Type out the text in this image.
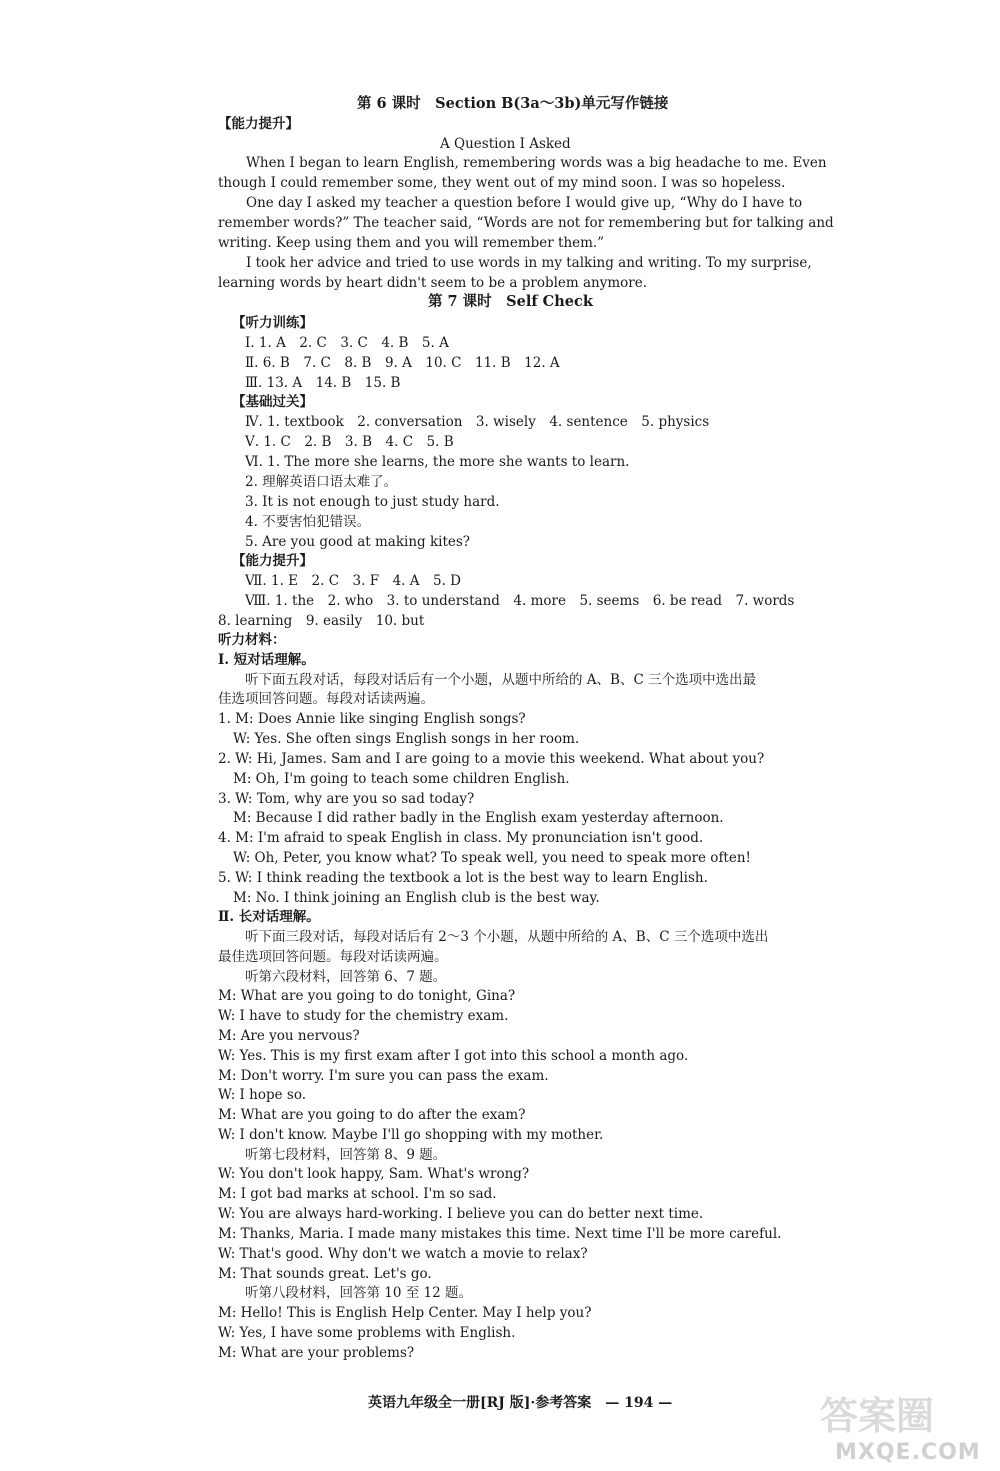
第 6 课时　Section B(3a～3b)单元写作链接
【能力提升】
A Question I Asked
When I began to learn English, remembering words was a big headache to me. Even
though I could remember some, they went out of my mind soon. I was so hopeless.
One day I asked my teacher a question before I would give up, “Why do I have to
remember words?” The teacher said, “Words are not for remembering but for talking and
writing. Keep using them and you will remember them.”
I took her advice and tried to use words in my talking and writing. To my surprise,
learning words by heart didn't seem to be a problem anymore.
第 7 课时　Self Check
【听力训练】
Ⅰ. 1. A　2. C　3. C　4. B　5. A
Ⅱ. 6. B　7. C　8. B　9. A　10. C　11. B　12. A
Ⅲ. 13. A　14. B　15. B
【基础过关】
Ⅳ. 1. textbook　2. conversation　3. wisely　4. sentence　5. physics
Ⅴ. 1. C　2. B　3. B　4. C　5. B
Ⅵ. 1. The more she learns, the more she wants to learn.
2. 理解英语口语太难了。
3. It is not enough to just study hard.
4. 不要害怕犯错误。
5. Are you good at making kites?
【能力提升】
Ⅶ. 1. E　2. C　3. F　4. A　5. D
Ⅷ. 1. the　2. who　3. to understand　4. more　5. seems　6. be read　7. words
8. learning　9. easily　10. but
听力材料：
Ⅰ. 短对话理解。
听下面五段对话，每段对话后有一个小题，从题中所给的 A、B、C 三个选项中选出最
佳选项回答问题。每段对话读两遍。
1. M: Does Annie like singing English songs?
W: Yes. She often sings English songs in her room.
2. W: Hi, James. Sam and I are going to a movie this weekend. What about you?
M: Oh, I'm going to teach some children English.
3. W: Tom, why are you so sad today?
M: Because I did rather badly in the English exam yesterday afternoon.
4. M: I'm afraid to speak English in class. My pronunciation isn't good.
W: Oh, Peter, you know what? To speak well, you need to speak more often!
5. W: I think reading the textbook a lot is the best way to learn English.
M: No. I think joining an English club is the best way.
Ⅱ. 长对话理解。
听下面三段对话，每段对话后有 2～3 个小题，从题中所给的 A、B、C 三个选项中选出
最佳选项回答问题。每段对话读两遍。
听第六段材料，回答第 6、7 题。
M: What are you going to do tonight, Gina?
W: I have to study for the chemistry exam.
M: Are you nervous?
W: Yes. This is my first exam after I got into this school a month ago.
M: Don't worry. I'm sure you can pass the exam.
W: I hope so.
M: What are you going to do after the exam?
W: I don't know. Maybe I'll go shopping with my mother.
听第七段材料，回答第 8、9 题。
W: You don't look happy, Sam. What's wrong?
M: I got bad marks at school. I'm so sad.
W: You are always hard-working. I believe you can do better next time.
M: Thanks, Maria. I made many mistakes this time. Next time I'll be more careful.
W: That's good. Why don't we watch a movie to relax?
M: That sounds great. Let's go.
听第八段材料，回答第 10 至 12 题。
M: Hello! This is English Help Center. May I help you?
W: Yes, I have some problems with English.
M: What are your problems?
英语九年级全一册[RJ 版]·参考答案　— 194 —	答案圈
MXQE.COM
